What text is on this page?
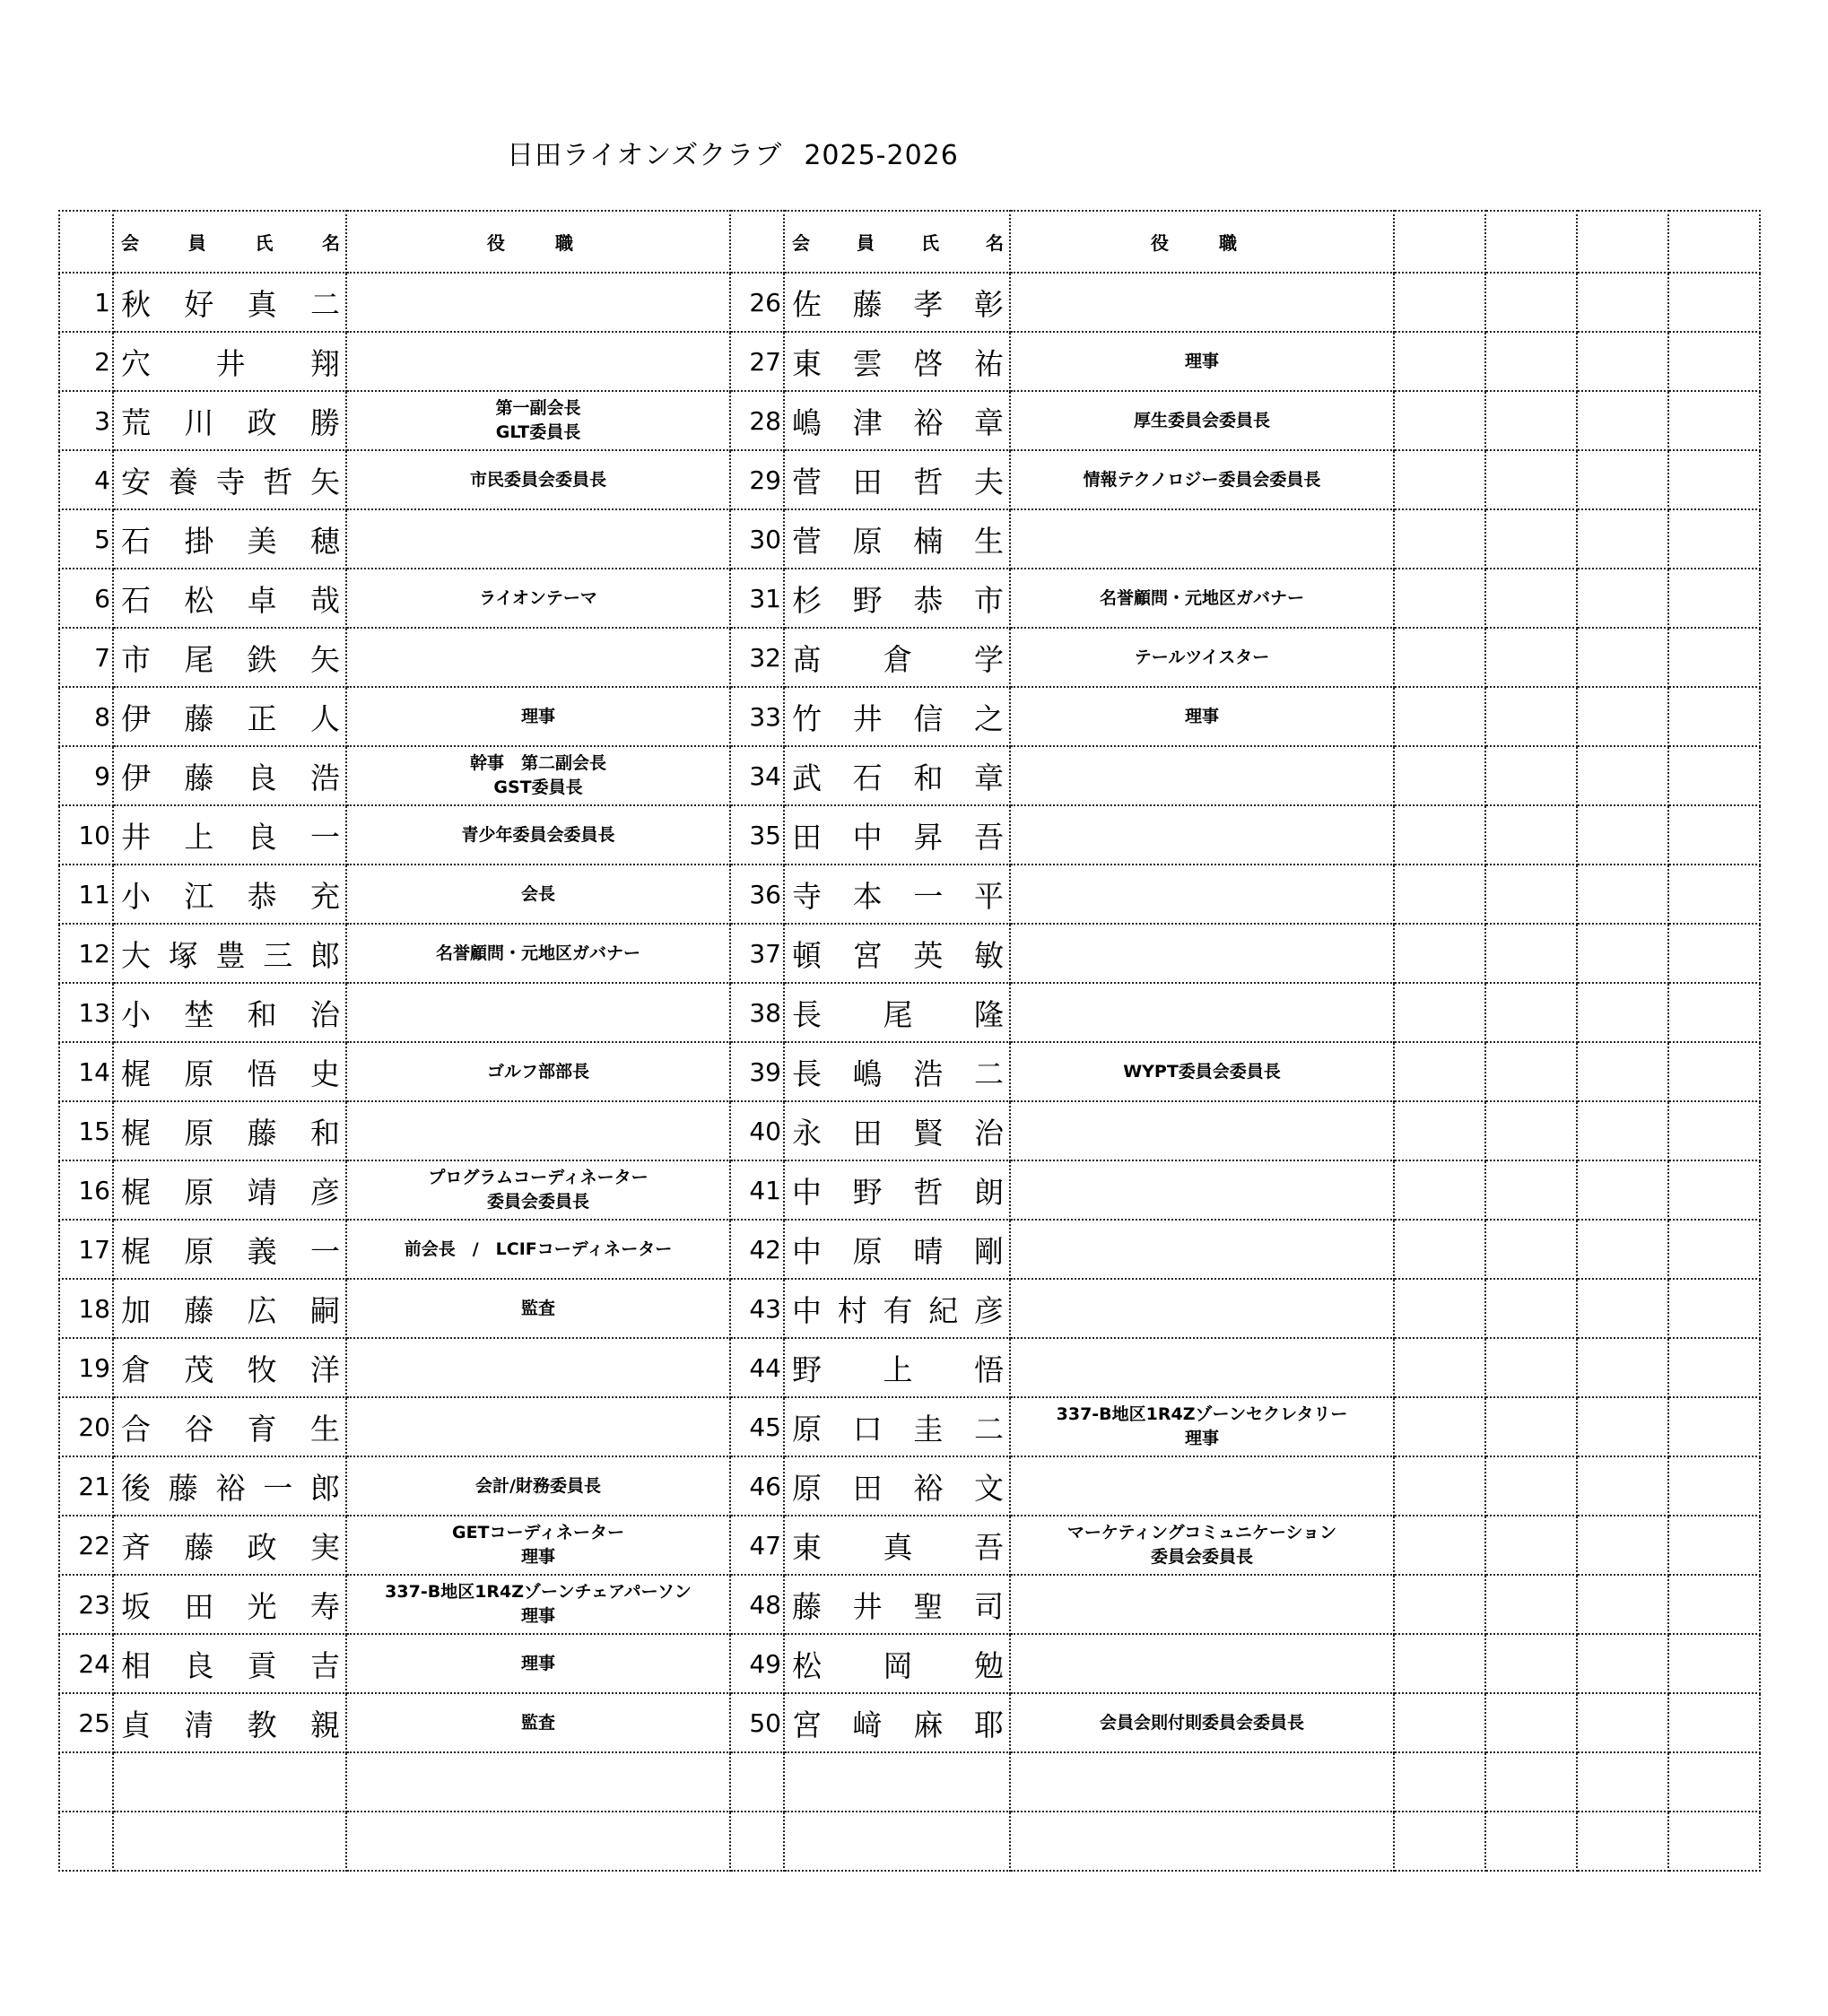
日田ライオンズクラブ 2025-2026
	会　員　氏　名	役　職		会　員　氏　名	役　職				
1	秋好真二		26	佐藤孝彰					
2	穴　井　翔		27	東雲啓祐	理事				
3	荒川政勝	第一副会長
GLT委員長	28	嶋津裕章	厚生委員会委員長				
4	安養寺哲矢	市民委員会委員長	29	菅田哲夫	情報テクノロジー委員会委員長				
5	石掛美穂		30	菅原楠生					
6	石松卓哉	ライオンテーマ	31	杉野恭市	名誉顧問・元地区ガバナー				
7	市尾鉄矢		32	髙　倉　学	テールツイスター				
8	伊藤正人	理事	33	竹井信之	理事				
9	伊藤良浩	幹事　第二副会長
GST委員長	34	武石和章					
10	井上良一	青少年委員会委員長	35	田中昇吾					
11	小江恭充	会長	36	寺本一平					
12	大塚豊三郎	名誉顧問・元地区ガバナー	37	頓宮英敏					
13	小埜和治		38	長　尾　隆					
14	梶原悟史	ゴルフ部部長	39	長嶋浩二	WYPT委員会委員長				
15	梶原藤和		40	永田賢治					
16	梶原靖彦	プログラムコーディネーター
委員会委員長	41	中野哲朗					
17	梶原義一	前会長　/　LCIFコーディネーター	42	中原晴剛					
18	加藤広嗣	監査	43	中村有紀彦					
19	倉茂牧洋		44	野　上　悟					
20	合谷育生		45	原口圭二	337-B地区1R4Zゾーンセクレタリー
理事				
21	後藤裕一郎	会計/財務委員長	46	原田裕文					
22	斉藤政実	GETコーディネーター
理事	47	東　真　吾	マーケティングコミュニケーション
委員会委員長				
23	坂田光寿	337-B地区1R4Zゾーンチェアパーソン
理事	48	藤井聖司					
24	相良貢吉	理事	49	松　岡　勉					
25	貞清教親	監査	50	宮﨑麻耶	会員会則付則委員会委員長				
